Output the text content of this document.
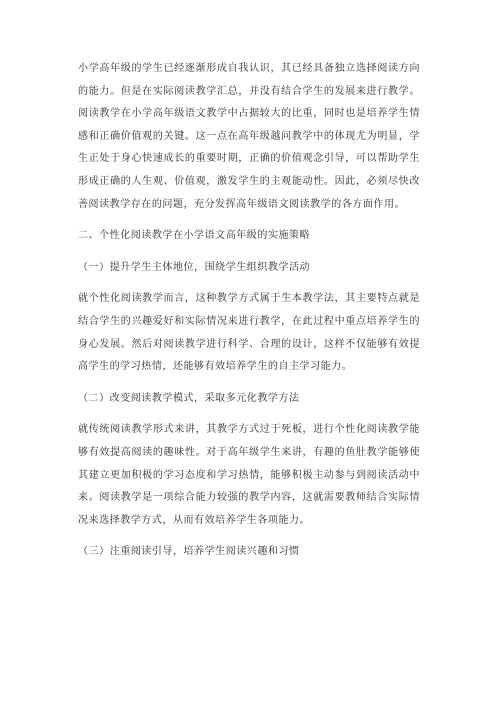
小学高年级的学生已经逐渐形成自我认识，其已经具备独立选择阅读方向的能力。但是在实际阅读教学汇总，并没有结合学生的发展来进行教学。阅读教学在小学高年级语文教学中占据较大的比重，同时也是培养学生情感和正确价值观的关键。这一点在高年级越问教学中的体现尤为明显，学生正处于身心快速成长的重要时期，正确的价值观念引导，可以帮助学生形成正确的人生观、价值观，激发学生的主观能动性。因此，必须尽快改善阅读教学存在的问题，充分发挥高年级语文阅读教学的各方面作用。

二、个性化阅读教学在小学语文高年级的实施策略

（一）提升学生主体地位，围绕学生组织教学活动

就个性化阅读教学而言，这种教学方式属于生本教学法，其主要特点就是结合学生的兴趣爱好和实际情况来进行教学，在此过程中重点培养学生的身心发展。然后对阅读教学进行科学、合理的设计，这样不仅能够有效提高学生的学习热情，还能够有效培养学生的自主学习能力。

（二）改变阅读教学模式，采取多元化教学方法

就传统阅读教学形式来讲，其教学方式过于死板，进行个性化阅读教学能够有效提高阅读的趣味性。对于高年级学生来讲，有趣的鱼肚教学能够使其建立更加积极的学习态度和学习热情，能够积极主动参与到阅读活动中来。阅读教学是一项综合能力较强的教学内容，这就需要教师结合实际情况来选择教学方式，从而有效培养学生各项能力。

（三）注重阅读引导，培养学生阅读兴趣和习惯
